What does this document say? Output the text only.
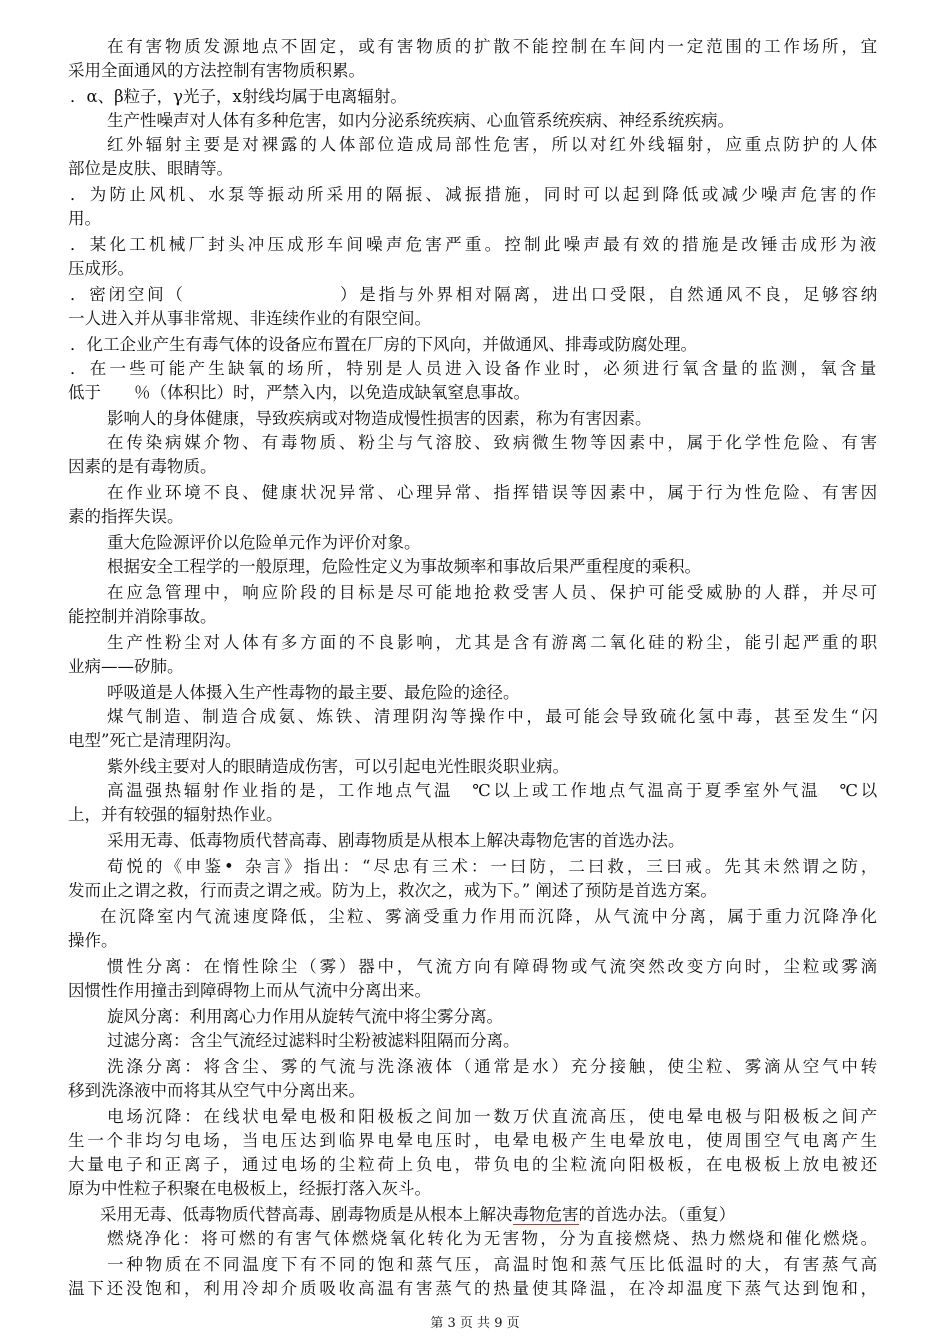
在有害物质发源地点不固定，或有害物质的扩散不能控制在车间内一定范围的工作场所，宜
采用全面通风的方法控制有害物质积累。
．α、β粒子，γ光子，x射线均属于电离辐射。
生产性噪声对人体有多种危害，如内分泌系统疾病、心血管系统疾病、神经系统疾病。
红外辐射主要是对裸露的人体部位造成局部性危害，所以对红外线辐射，应重点防护的人体
部位是皮肤、眼睛等。
．为防止风机、水泵等振动所采用的隔振、减振措施，同时可以起到降低或减少噪声危害的作
用。
．某化工机械厂封头冲压成形车间噪声危害严重。控制此噪声最有效的措施是改锤击成形为液
压成形。
．密闭空间（　　　　　　　　）是指与外界相对隔离，进出口受限，自然通风不良，足够容纳
一人进入并从事非常规、非连续作业的有限空间。
．化工企业产生有毒气体的设备应布置在厂房的下风向，并做通风、排毒或防腐处理。
．在一些可能产生缺氧的场所，特别是人员进入设备作业时，必须进行氧含量的监测，氧含量
低于　　％（体积比）时，严禁入内，以免造成缺氧窒息事故。
影响人的身体健康，导致疾病或对物造成慢性损害的因素，称为有害因素。
在传染病媒介物、有毒物质、粉尘与气溶胶、致病微生物等因素中，属于化学性危险、有害
因素的是有毒物质。
在作业环境不良、健康状况异常、心理异常、指挥错误等因素中，属于行为性危险、有害因
素的指挥失误。
重大危险源评价以危险单元作为评价对象。
根据安全工程学的一般原理，危险性定义为事故频率和事故后果严重程度的乘积。
在应急管理中，响应阶段的目标是尽可能地抢救受害人员、保护可能受威胁的人群，并尽可
能控制并消除事故。
生产性粉尘对人体有多方面的不良影响，尤其是含有游离二氧化硅的粉尘，能引起严重的职
业病——矽肺。
呼吸道是人体摄入生产性毒物的最主要、最危险的途径。
煤气制造、制造合成氨、炼铁、清理阴沟等操作中，最可能会导致硫化氢中毒，甚至发生“闪
电型”死亡是清理阴沟。
紫外线主要对人的眼睛造成伤害，可以引起电光性眼炎职业病。
高温强热辐射作业指的是，工作地点气温　℃以上或工作地点气温高于夏季室外气温　℃以
上，并有较强的辐射热作业。
采用无毒、低毒物质代替高毒、剧毒物质是从根本上解决毒物危害的首选办法。
荀悦的《申鉴• 杂言》指出：“尽忠有三术：一曰防，二曰救，三曰戒。先其未然谓之防，
发而止之谓之救，行而责之谓之戒。防为上，救次之，戒为下。” 阐述了预防是首选方案。
在沉降室内气流速度降低，尘粒、雾滴受重力作用而沉降，从气流中分离，属于重力沉降净化
操作。
惯性分离：在惰性除尘（雾）器中，气流方向有障碍物或气流突然改变方向时，尘粒或雾滴
因惯性作用撞击到障碍物上而从气流中分离出来。
旋风分离：利用离心力作用从旋转气流中将尘雾分离。
过滤分离：含尘气流经过滤料时尘粉被滤料阻隔而分离。
洗涤分离：将含尘、雾的气流与洗涤液体（通常是水）充分接触，使尘粒、雾滴从空气中转
移到洗涤液中而将其从空气中分离出来。
电场沉降：在线状电晕电极和阳极板之间加一数万伏直流高压，使电晕电极与阳极板之间产
生一个非均匀电场，当电压达到临界电晕电压时，电晕电极产生电晕放电，使周围空气电离产生
大量电子和正离子，通过电场的尘粒荷上负电，带负电的尘粒流向阳极板，在电极板上放电被还
原为中性粒子积聚在电极板上，经振打落入灰斗。
采用无毒、低毒物质代替高毒、剧毒物质是从根本上解决毒物危害的首选办法。（重复）
燃烧净化：将可燃的有害气体燃烧氧化转化为无害物，分为直接燃烧、热力燃烧和催化燃烧。
一种物质在不同温度下有不同的饱和蒸气压，高温时饱和蒸气压比低温时的大，有害蒸气高
温下还没饱和，利用冷却介质吸收高温有害蒸气的热量使其降温，在冷却温度下蒸气达到饱和，
第 3 页 共 9 页
